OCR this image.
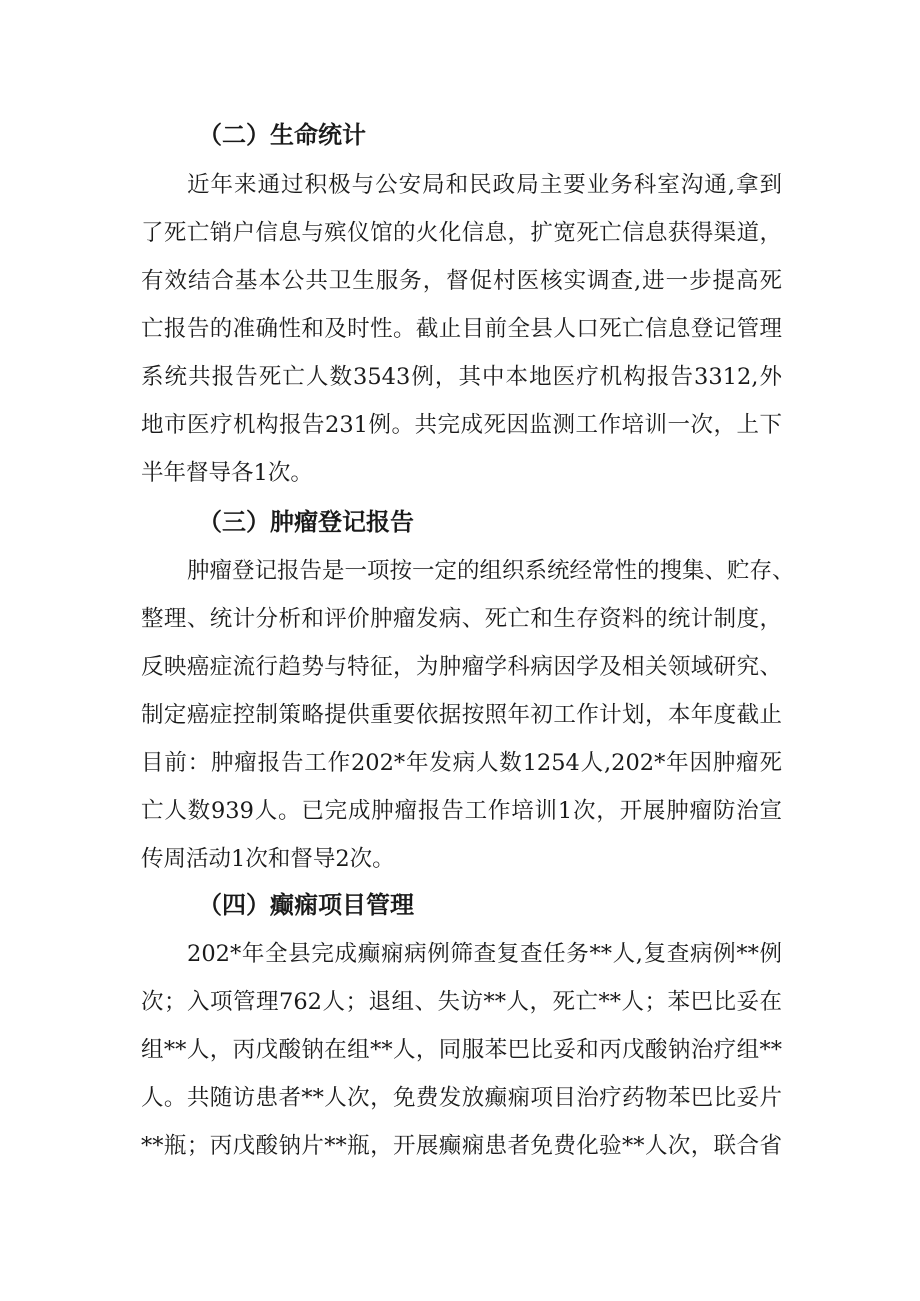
（二）生命统计
近年来通过积极与公安局和民政局主要业务科室沟通,拿到
了死亡销户信息与殡仪馆的火化信息，扩宽死亡信息获得渠道，
有效结合基本公共卫生服务，督促村医核实调查,进一步提高死
亡报告的准确性和及时性。截止目前全县人口死亡信息登记管理
系统共报告死亡人数3543例，其中本地医疗机构报告3312,外
地市医疗机构报告231例。共完成死因监测工作培训一次，上下
半年督导各1次。
（三）肿瘤登记报告
肿瘤登记报告是一项按一定的组织系统经常性的搜集、贮存、
整理、统计分析和评价肿瘤发病、死亡和生存资料的统计制度，
反映癌症流行趋势与特征，为肿瘤学科病因学及相关领域研究、
制定癌症控制策略提供重要依据按照年初工作计划，本年度截止
目前：肿瘤报告工作202*年发病人数1254人,202*年因肿瘤死
亡人数939人。已完成肿瘤报告工作培训1次，开展肿瘤防治宣
传周活动1次和督导2次。
（四）癫痫项目管理
202*年全县完成癫痫病例筛查复查任务**人,复查病例**例
次；入项管理762人；退组、失访**人，死亡**人；苯巴比妥在
组**人，丙戊酸钠在组**人，同服苯巴比妥和丙戊酸钠治疗组**
人。共随访患者**人次，免费发放癫痫项目治疗药物苯巴比妥片
**瓶；丙戊酸钠片**瓶，开展癫痫患者免费化验**人次，联合省
